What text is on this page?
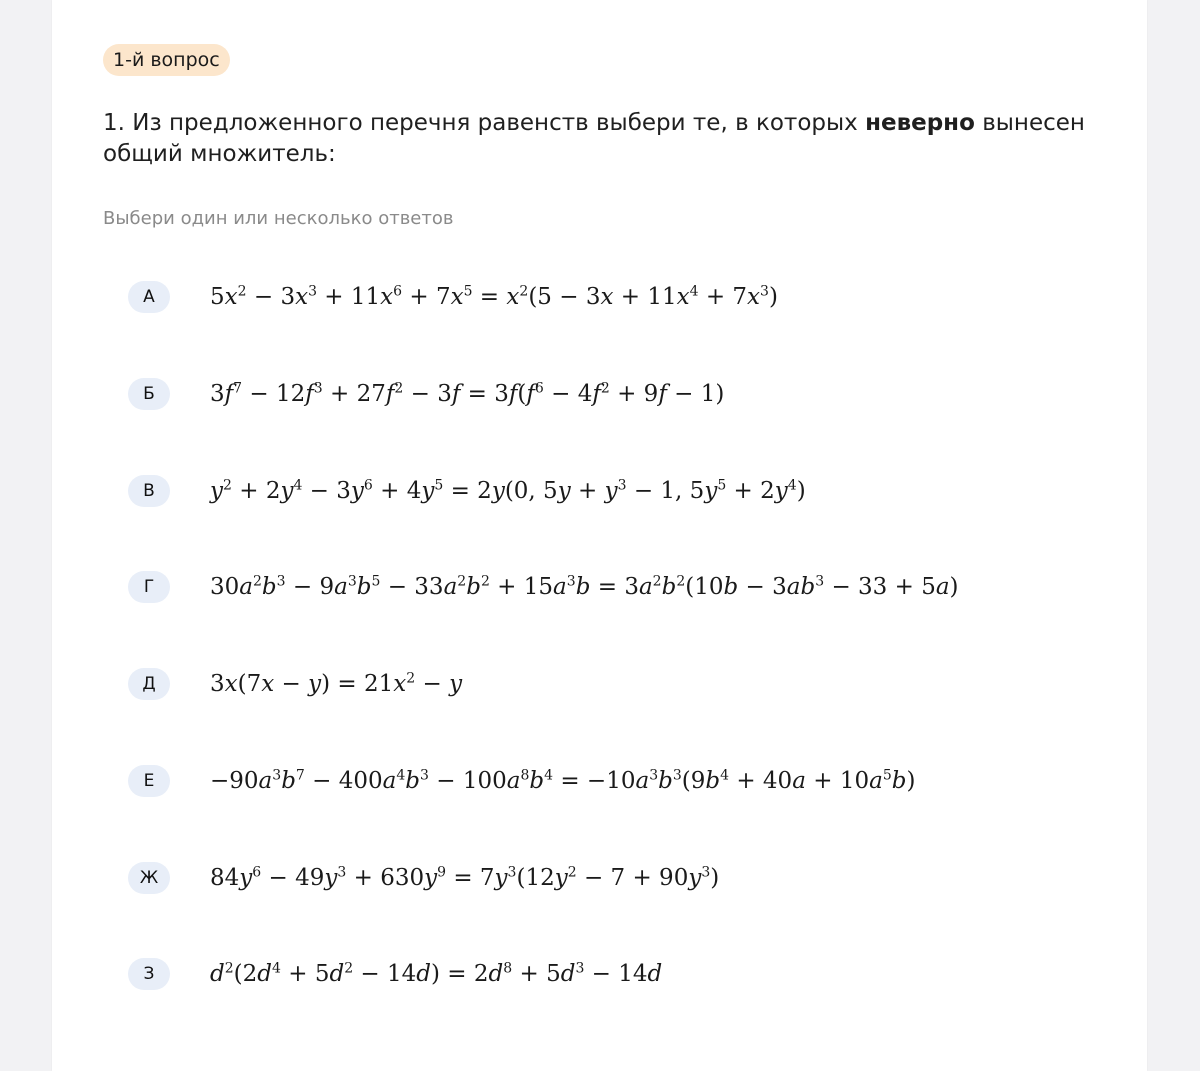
1-й вопрос
1. Из предложенного перечня равенств выбери те, в которых неверно вынесен общий множитель:
Выбери один или несколько ответов
А	$5x^2 - 3x^3 + 11x^6 + 7x^5 = x^2(5 - 3x + 11x^4 + 7x^3)$
Б	$3f^7 - 12f^3 + 27f^2 - 3f = 3f(f^6 - 4f^2 + 9f - 1)$
В	$y^2 + 2y^4 - 3y^6 + 4y^5 = 2y(0$, $5y + y^3 - 1$, $5y^5 + 2y^4$)
Г	$30a^2b^3 - 9a^3b^5 - 33a^2b^2 + 15a^3b = 3a^2b^2(10b - 3ab^3 - 33 + 5a)$
Д	$3x(7x - y) = 21x^2 - y$
Е	$-90a^3b^7 - 400a^4b^3 - 100a^8b^4 = -10a^3b^3(9b^4 + 40a + 10a^5b)$
Ж	$84y^6 - 49y^3 + 630y^9 = 7y^3(12y^2 - 7 + 90y^3)$
З	$d^2(2d^4 + 5d^2 - 14d) = 2d^8 + 5d^3 - 14d$
